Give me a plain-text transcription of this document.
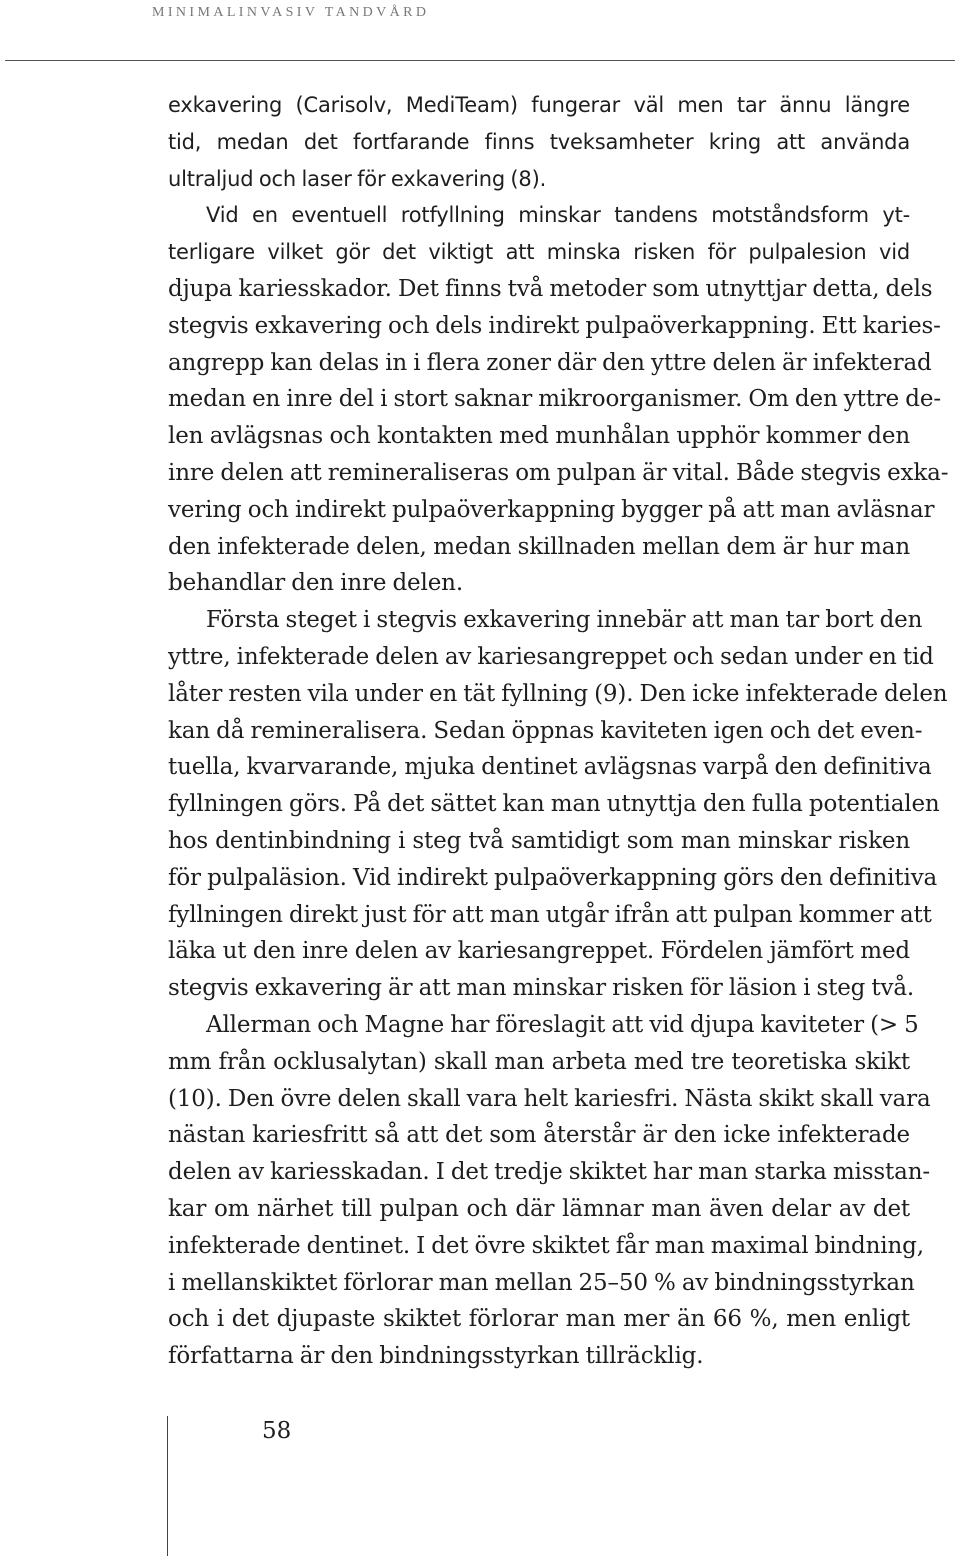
MINIMALINVASIV TANDVÅRD
exkavering (Carisolv, MediTeam) fungerar väl men tar ännu längre
tid, medan det fortfarande finns tveksamheter kring att använda
ultraljud och laser för exkavering (8).
Vid en eventuell rotfyllning minskar tandens motståndsform yt-
terligare vilket gör det viktigt att minska risken för pulpalesion vid
djupa kariesskador. Det finns två metoder som utnyttjar detta, dels
stegvis exkavering och dels indirekt pulpaöverkappning. Ett karies-
angrepp kan delas in i flera zoner där den yttre delen är infekterad
medan en inre del i stort saknar mikroorganismer. Om den yttre de-
len avlägsnas och kontakten med munhålan upphör kommer den
inre delen att remineraliseras om pulpan är vital. Både stegvis exka-
vering och indirekt pulpaöverkappning bygger på att man avläsnar
den infekterade delen, medan skillnaden mellan dem är hur man
behandlar den inre delen.
Första steget i stegvis exkavering innebär att man tar bort den
yttre, infekterade delen av kariesangreppet och sedan under en tid
låter resten vila under en tät fyllning (9). Den icke infekterade delen
kan då remineralisera. Sedan öppnas kaviteten igen och det even-
tuella, kvarvarande, mjuka dentinet avlägsnas varpå den definitiva
fyllningen görs. På det sättet kan man utnyttja den fulla potentialen
hos dentinbindning i steg två samtidigt som man minskar risken
för pulpaläsion. Vid indirekt pulpaöverkappning görs den definitiva
fyllningen direkt just för att man utgår ifrån att pulpan kommer att
läka ut den inre delen av kariesangreppet. Fördelen jämfört med
stegvis exkavering är att man minskar risken för läsion i steg två.
Allerman och Magne har föreslagit att vid djupa kaviteter (> 5
mm från ocklusalytan) skall man arbeta med tre teoretiska skikt
(10). Den övre delen skall vara helt kariesfri. Nästa skikt skall vara
nästan kariesfritt så att det som återstår är den icke infekterade
delen av kariesskadan. I det tredje skiktet har man starka misstan-
kar om närhet till pulpan och där lämnar man även delar av det
infekterade dentinet. I det övre skiktet får man maximal bindning,
i mellanskiktet förlorar man mellan 25–50 % av bindningsstyrkan
och i det djupaste skiktet förlorar man mer än 66 %, men enligt
författarna är den bindningsstyrkan tillräcklig.
58
